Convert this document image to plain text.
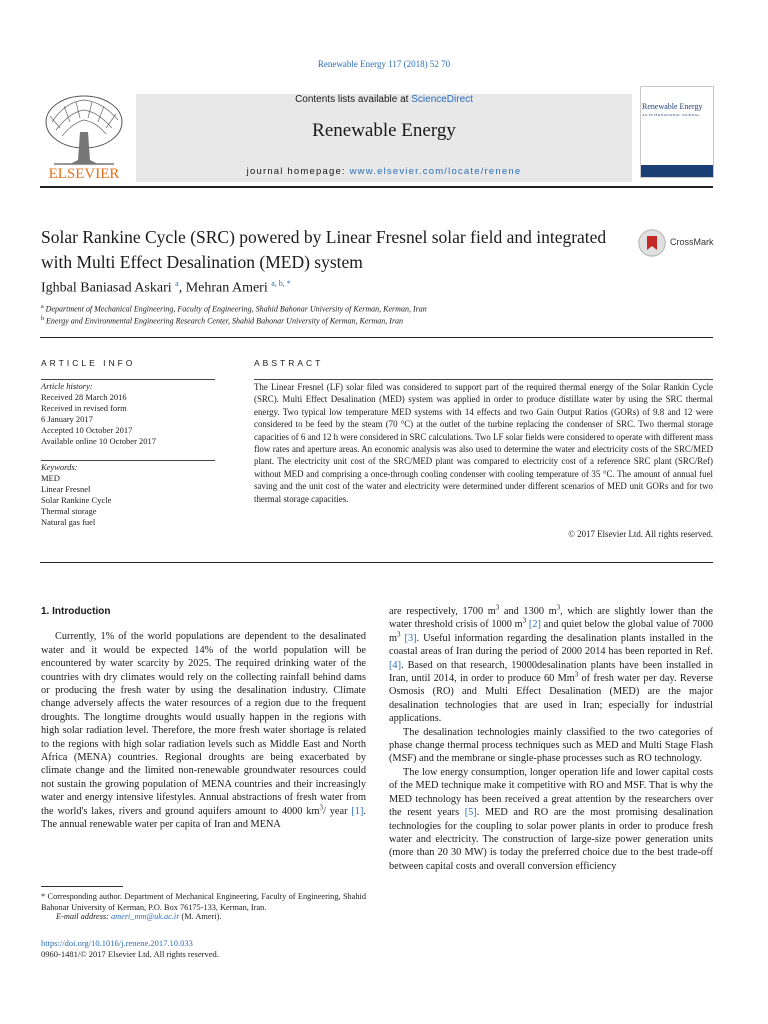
Renewable Energy 117 (2018) 52 70
ELSEVIER
Contents lists available at ScienceDirect
Renewable Energy
journal homepage: www.elsevier.com/locate/renene
Renewable Energy
AN INTERNATIONAL JOURNAL
Solar Rankine Cycle (SRC) powered by Linear Fresnel solar field and integrated with Multi Effect Desalination (MED) system
CrossMark
Ighbal Baniasad Askari $^a$, Mehran Ameri $^{a, b, *}$
$^a$ Department of Mechanical Engineering, Faculty of Engineering, Shahid Bahonar University of Kerman, Kerman, Iran
$^b$ Energy and Environmental Engineering Research Center, Shahid Bahonar University of Kerman, Kerman, Iran
ARTICLE INFO
Article history:
Received 28 March 2016
Received in revised form
6 January 2017
Accepted 10 October 2017
Available online 10 October 2017
Keywords:
MED
Linear Fresnel
Solar Rankine Cycle
Thermal storage
Natural gas fuel
ABSTRACT
The Linear Fresnel (LF) solar filed was considered to support part of the required thermal energy of the Solar Rankin Cycle (SRC). Multi Effect Desalination (MED) system was applied in order to produce distillate water by using the SRC thermal energy. Two typical low temperature MED systems with 14 effects and two Gain Output Ratios (GORs) of 9.8 and 12 were considered to be feed by the steam (70 °C) at the outlet of the turbine replacing the condenser of SRC. Two thermal storage capacities of 6 and 12 h were considered in SRC calculations. Two LF solar fields were considered to operate with different mass flow rates and aperture areas. An economic analysis was also used to determine the water and electricity costs of the SRC/MED plant. The electricity unit cost of the SRC/MED plant was compared to electricity cost of a reference SRC plant (SRC/Ref) without MED and comprising a once-through cooling condenser with cooling temperature of 35 °C. The amount of annual fuel saving and the unit cost of the water and electricity were determined under different scenarios of MED unit GORs and for two thermal storage capacities.
© 2017 Elsevier Ltd. All rights reserved.
1. Introduction

Currently, 1% of the world populations are dependent to the desalinated water and it would be expected 14% of the world population will be encountered by water scarcity by 2025. The required drinking water of the countries with dry climates would rely on the collecting rainfall behind dams or producing the fresh water by using the desalination industry. Climate change adversely affects the water resources of a region due to the frequent droughts. The longtime droughts would usually happen in the regions with high solar radiation level. Therefore, the more fresh water shortage is related to the regions with high solar radiation levels such as Middle East and North Africa (MENA) countries. Regional droughts are being exacerbated by climate change and the limited non-renewable groundwater resources could not sustain the growing population of MENA countries and their increasingly water and energy intensive lifestyles. Annual abstractions of fresh water from the world's lakes, rivers and ground aquifers amount to 4000 $km^3/$ year [1]. The annual renewable water per capita of Iran and MENA

are respectively, 1700 $m^3$ and 1300 $m^3$, which are slightly lower than the water threshold crisis of 1000 $m^3$ [2] and quiet below the global value of 7000 $m^3$ [3]. Useful information regarding the desalination plants installed in the coastal areas of Iran during the period of 2000 2014 has been reported in Ref. [4]. Based on that research, 19000desalination plants have been installed in Iran, until 2014, in order to produce 60 Mm$^3$ of fresh water per day. Reverse Osmosis (RO) and Multi Effect Desalination (MED) are the major desalination technologies that are used in Iran; especially for industrial applications.

The desalination technologies mainly classified to the two categories of phase change thermal process techniques such as MED and Multi Stage Flash (MSF) and the membrane or single-phase processes such as RO technology.

The low energy consumption, longer operation life and lower capital costs of the MED technique make it competitive with RO and MSF. That is why the MED technology has been received a great attention by the researchers over the resent years [5]. MED and RO are the most promising desalination technologies for the coupling to solar power plants in order to produce fresh water and electricity. The construction of large-size power generation units (more than 20 30 MW) is today the preferred choice due to the best trade-off between capital costs and overall conversion efficiency

* Corresponding author. Department of Mechanical Engineering, Faculty of Engineering, Shahid Bahonar University of Kerman, P.O. Box 76175-133, Kerman, Iran.
E-mail address: ameri_mm@uk.ac.ir (M. Ameri).
https://doi.org/10.1016/j.renene.2017.10.033
0960-1481/© 2017 Elsevier Ltd. All rights reserved.
